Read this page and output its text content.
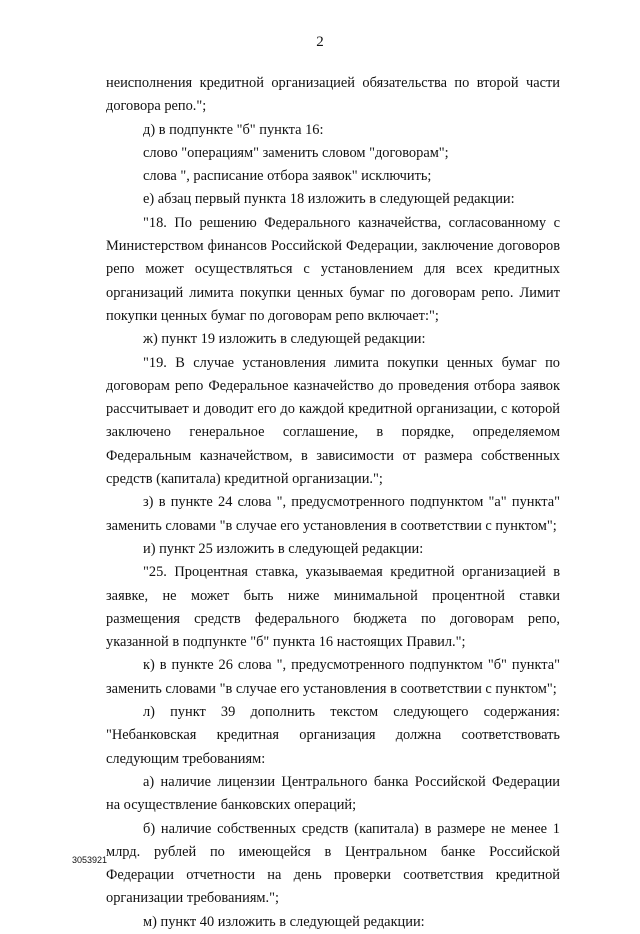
2

неисполнения кредитной организацией обязательства по второй части договора репо.";

д) в подпункте "б" пункта 16:

слово "операциям" заменить словом "договорам";

слова ", расписание отбора заявок" исключить;

е) абзац первый пункта 18 изложить в следующей редакции:

"18. По решению Федерального казначейства, согласованному с Министерством финансов Российской Федерации, заключение договоров репо может осуществляться с установлением для всех кредитных организаций лимита покупки ценных бумаг по договорам репо. Лимит покупки ценных бумаг по договорам репо включает:";

ж) пункт 19 изложить в следующей редакции:

"19. В случае установления лимита покупки ценных бумаг по договорам репо Федеральное казначейство до проведения отбора заявок рассчитывает и доводит его до каждой кредитной организации, с которой заключено генеральное соглашение, в порядке, определяемом Федеральным казначейством, в зависимости от размера собственных средств (капитала) кредитной организации.";

з) в пункте 24 слова ", предусмотренного подпунктом "а" пункта" заменить словами "в случае его установления в соответствии с пунктом";

и) пункт 25 изложить в следующей редакции:

"25. Процентная ставка, указываемая кредитной организацией в заявке, не может быть ниже минимальной процентной ставки размещения средств федерального бюджета по договорам репо, указанной в подпункте "б" пункта 16 настоящих Правил.";

к) в пункте 26 слова ", предусмотренного подпунктом "б" пункта" заменить словами "в случае его установления в соответствии с пунктом";

л) пункт 39 дополнить текстом следующего содержания: "Небанковская кредитная организация должна соответствовать следующим требованиям:

а) наличие лицензии Центрального банка Российской Федерации на осуществление банковских операций;

б) наличие собственных средств (капитала) в размере не менее 1 млрд. рублей по имеющейся в Центральном банке Российской Федерации отчетности на день проверки соответствия кредитной организации требованиям.";

м) пункт 40 изложить в следующей редакции:

3053921
